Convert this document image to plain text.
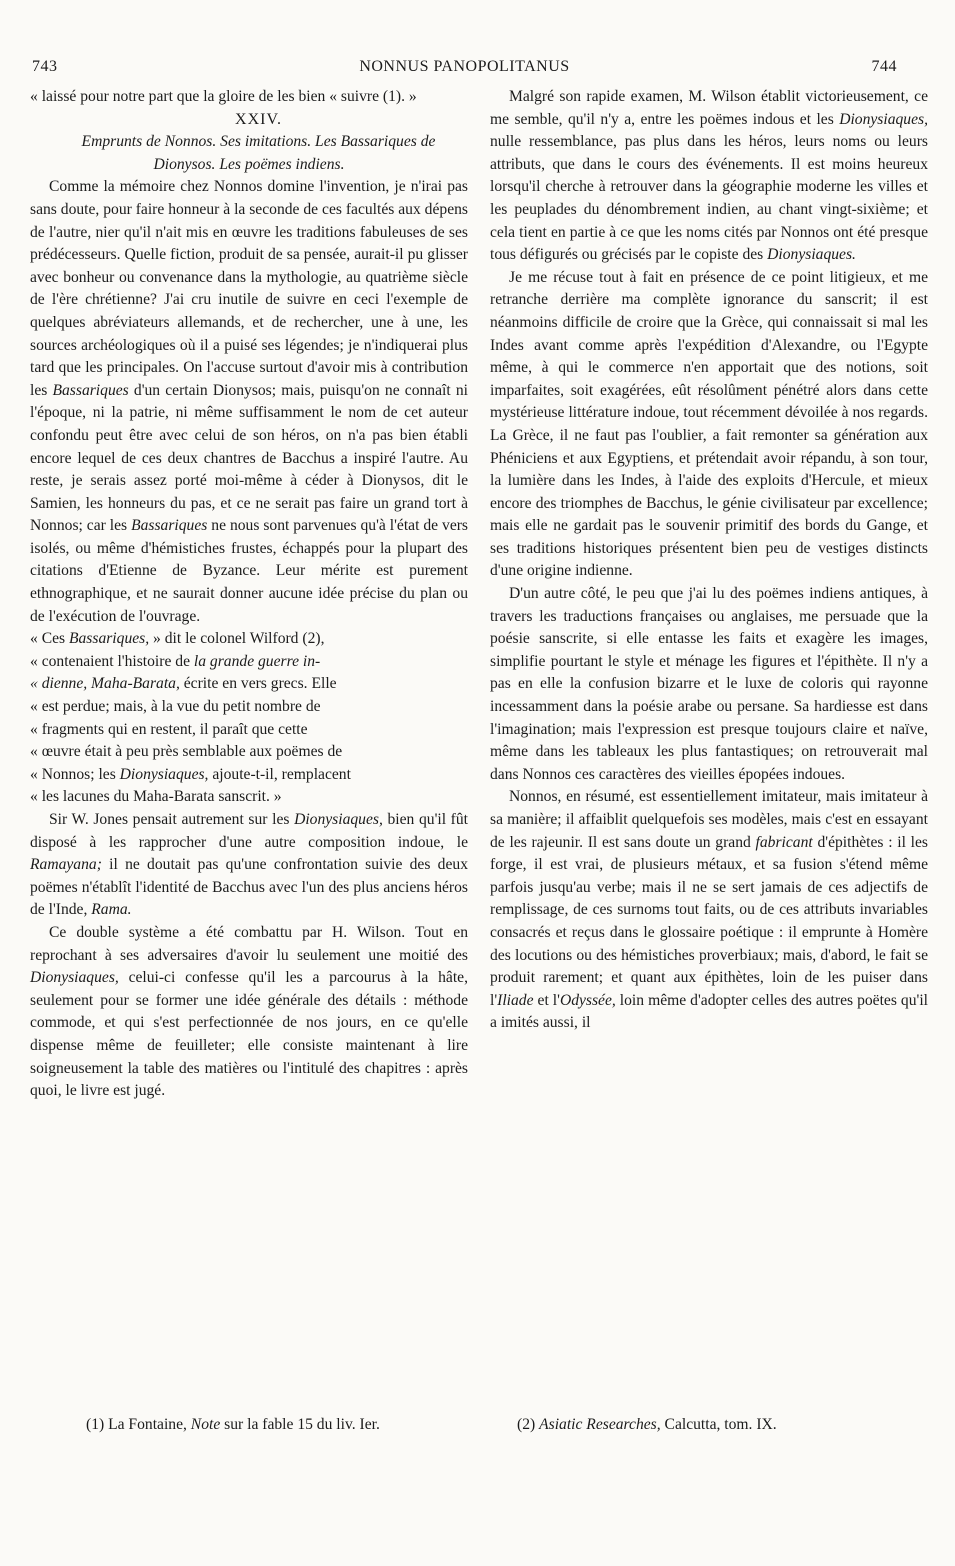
743	NONNUS PANOPOLITANUS	744

« laissé pour notre part que la gloire de les bien « suivre (1). »

XXIV.

Emprunts de Nonnos. Ses imitations. Les Bassariques de Dionysos. Les poëmes indiens.

Comme la mémoire chez Nonnos domine l'invention, je n'irai pas sans doute, pour faire honneur à la seconde de ces facultés aux dépens de l'autre, nier qu'il n'ait mis en œuvre les traditions fabuleuses de ses prédécesseurs. Quelle fiction, produit de sa pensée, aurait-il pu glisser avec bonheur ou convenance dans la mythologie, au quatrième siècle de l'ère chrétienne? J'ai cru inutile de suivre en ceci l'exemple de quelques abréviateurs allemands, et de rechercher, une à une, les sources archéologiques où il a puisé ses légendes; je n'indiquerai plus tard que les principales. On l'accuse surtout d'avoir mis à contribution les Bassariques d'un certain Dionysos; mais, puisqu'on ne connaît ni l'époque, ni la patrie, ni même suffisamment le nom de cet auteur confondu peut être avec celui de son héros, on n'a pas bien établi encore lequel de ces deux chantres de Bacchus a inspiré l'autre. Au reste, je serais assez porté moi-même à céder à Dionysos, dit le Samien, les honneurs du pas, et ce ne serait pas faire un grand tort à Nonnos; car les Bassariques ne nous sont parvenues qu'à l'état de vers isolés, ou même d'hémistiches frustes, échappés pour la plupart des citations d'Etienne de Byzance. Leur mérite est purement ethnographique, et ne saurait donner aucune idée précise du plan ou de l'exécution de l'ouvrage.

« Ces Bassariques, » dit le colonel Wilford (2),
« contenaient l'histoire de la grande guerre in-
« dienne, Maha-Barata, écrite en vers grecs. Elle
« est perdue; mais, à la vue du petit nombre de
« fragments qui en restent, il paraît que cette
« œuvre était à peu près semblable aux poëmes de
« Nonnos; les Dionysiaques, ajoute-t-il, remplacent
« les lacunes du Maha-Barata sanscrit. »

Sir W. Jones pensait autrement sur les Dionysiaques, bien qu'il fût disposé à les rapprocher d'une autre composition indoue, le Ramayana; il ne doutait pas qu'une confrontation suivie des deux poëmes n'établît l'identité de Bacchus avec l'un des plus anciens héros de l'Inde, Rama.

Ce double système a été combattu par H. Wilson. Tout en reprochant à ses adversaires d'avoir lu seulement une moitié des Dionysiaques, celui-ci confesse qu'il les a parcourus à la hâte, seulement pour se former une idée générale des détails : méthode commode, et qui s'est perfectionnée de nos jours, en ce qu'elle dispense même de feuilleter; elle consiste maintenant à lire soigneusement la table des matières ou l'intitulé des chapitres : après quoi, le livre est jugé.

Malgré son rapide examen, M. Wilson établit victorieusement, ce me semble, qu'il n'y a, entre les poëmes indous et les Dionysiaques, nulle ressemblance, pas plus dans les héros, leurs noms ou leurs attributs, que dans le cours des événements. Il est moins heureux lorsqu'il cherche à retrouver dans la géographie moderne les villes et les peuplades du dénombrement indien, au chant vingt-sixième; et cela tient en partie à ce que les noms cités par Nonnos ont été presque tous défigurés ou grécisés par le copiste des Dionysiaques.

Je me récuse tout à fait en présence de ce point litigieux, et me retranche derrière ma complète ignorance du sanscrit; il est néanmoins difficile de croire que la Grèce, qui connaissait si mal les Indes avant comme après l'expédition d'Alexandre, ou l'Egypte même, à qui le commerce n'en apportait que des notions, soit imparfaites, soit exagérées, eût résolûment pénétré alors dans cette mystérieuse littérature indoue, tout récemment dévoilée à nos regards. La Grèce, il ne faut pas l'oublier, a fait remonter sa génération aux Phéniciens et aux Egyptiens, et prétendait avoir répandu, à son tour, la lumière dans les Indes, à l'aide des exploits d'Hercule, et mieux encore des triomphes de Bacchus, le génie civilisateur par excellence; mais elle ne gardait pas le souvenir primitif des bords du Gange, et ses traditions historiques présentent bien peu de vestiges distincts d'une origine indienne.

D'un autre côté, le peu que j'ai lu des poëmes indiens antiques, à travers les traductions françaises ou anglaises, me persuade que la poésie sanscrite, si elle entasse les faits et exagère les images, simplifie pourtant le style et ménage les figures et l'épithète. Il n'y a pas en elle la confusion bizarre et le luxe de coloris qui rayonne incessamment dans la poésie arabe ou persane. Sa hardiesse est dans l'imagination; mais l'expression est presque toujours claire et naïve, même dans les tableaux les plus fantastiques; on retrouverait mal dans Nonnos ces caractères des vieilles épopées indoues.

Nonnos, en résumé, est essentiellement imitateur, mais imitateur à sa manière; il affaiblit quelquefois ses modèles, mais c'est en essayant de les rajeunir. Il est sans doute un grand fabricant d'épithètes : il les forge, il est vrai, de plusieurs métaux, et sa fusion s'étend même parfois jusqu'au verbe; mais il ne se sert jamais de ces adjectifs de remplissage, de ces surnoms tout faits, ou de ces attributs invariables consacrés et reçus dans le glossaire poétique : il emprunte à Homère des locutions ou des hémistiches proverbiaux; mais, d'abord, le fait se produit rarement; et quant aux épithètes, loin de les puiser dans l'Iliade et l'Odyssée, loin même d'adopter celles des autres poëtes qu'il a imités aussi, il

(1) La Fontaine, Note sur la fable 15 du liv. Ier.	(2) Asiatic Researches, Calcutta, tom. IX.
